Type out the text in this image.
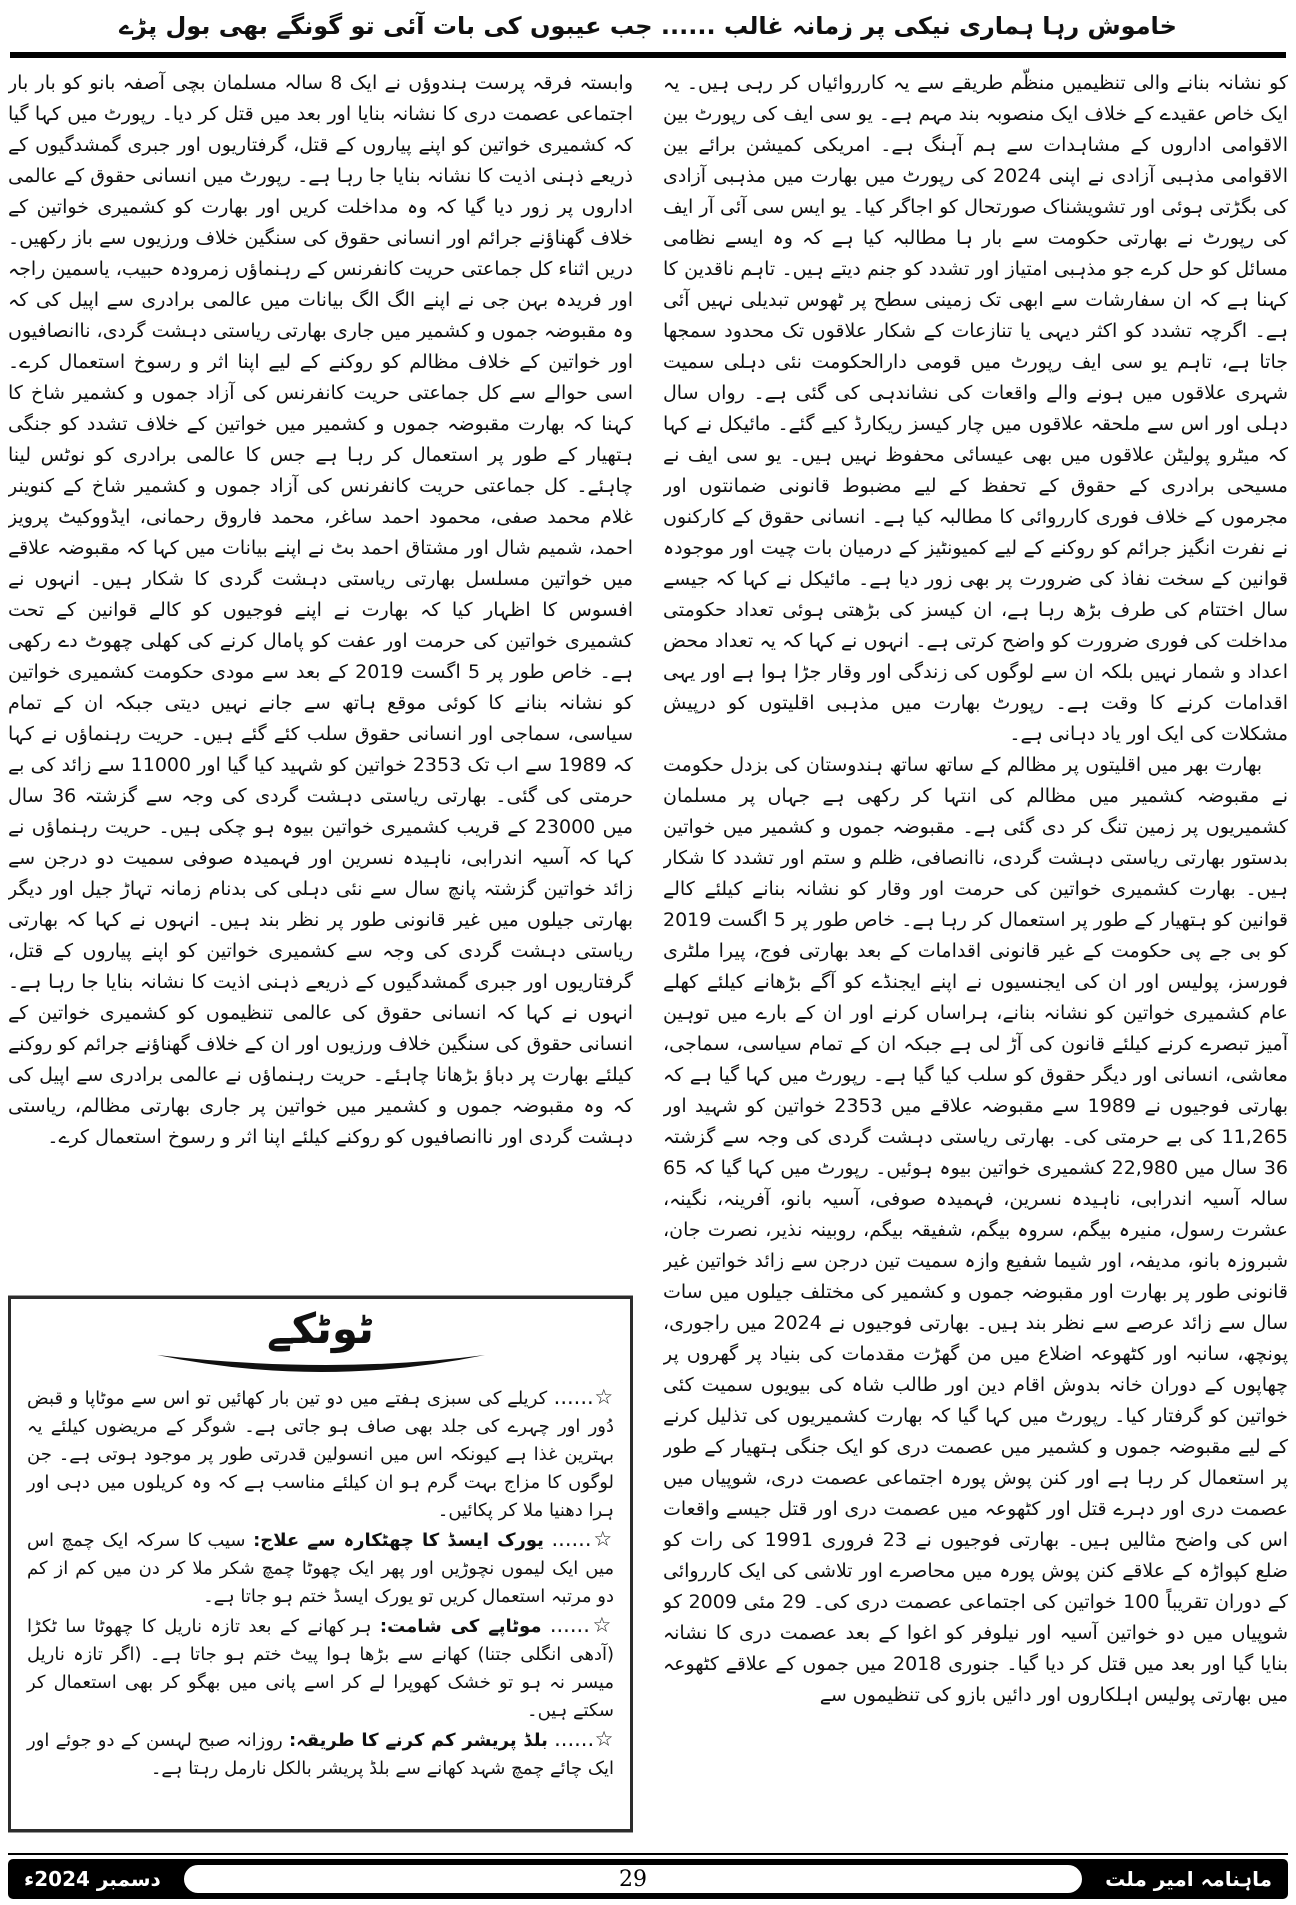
خاموش رہا ہماری نیکی پر زمانہ غالب ...... جب عیبوں کی بات آئی تو گونگے بھی بول پڑے

کو نشانہ بنانے والی تنظیمیں منظّم طریقے سے یہ کارروائیاں کر رہی ہیں۔ یہ ایک خاص عقیدے کے خلاف ایک منصوبہ بند مہم ہے۔ یو سی ایف کی رپورٹ بین الاقوامی اداروں کے مشاہدات سے ہم آہنگ ہے۔ امریکی کمیشن برائے بین الاقوامی مذہبی آزادی نے اپنی 2024 کی رپورٹ میں بھارت میں مذہبی آزادی کی بگڑتی ہوئی اور تشویشناک صورتحال کو اجاگر کیا۔ یو ایس سی آئی آر ایف کی رپورٹ نے بھارتی حکومت سے بار ہا مطالبہ کیا ہے کہ وہ ایسے نظامی مسائل کو حل کرے جو مذہبی امتیاز اور تشدد کو جنم دیتے ہیں۔ تاہم ناقدین کا کہنا ہے کہ ان سفارشات سے ابھی تک زمینی سطح پر ٹھوس تبدیلی نہیں آئی ہے۔ اگرچہ تشدد کو اکثر دیہی یا تنازعات کے شکار علاقوں تک محدود سمجھا جاتا ہے، تاہم یو سی ایف رپورٹ میں قومی دارالحکومت نئی دہلی سمیت شہری علاقوں میں ہونے والے واقعات کی نشاندہی کی گئی ہے۔ رواں سال دہلی اور اس سے ملحقہ علاقوں میں چار کیسز ریکارڈ کیے گئے۔ مائیکل نے کہا کہ میٹرو پولیٹن علاقوں میں بھی عیسائی محفوظ نہیں ہیں۔ یو سی ایف نے مسیحی برادری کے حقوق کے تحفظ کے لیے مضبوط قانونی ضمانتوں اور مجرموں کے خلاف فوری کارروائی کا مطالبہ کیا ہے۔ انسانی حقوق کے کارکنوں نے نفرت انگیز جرائم کو روکنے کے لیے کمیونٹیز کے درمیان بات چیت اور موجودہ قوانین کے سخت نفاذ کی ضرورت پر بھی زور دیا ہے۔ مائیکل نے کہا کہ جیسے سال اختتام کی طرف بڑھ رہا ہے، ان کیسز کی بڑھتی ہوئی تعداد حکومتی مداخلت کی فوری ضرورت کو واضح کرتی ہے۔ انہوں نے کہا کہ یہ تعداد محض اعداد و شمار نہیں بلکہ ان سے لوگوں کی زندگی اور وقار جڑا ہوا ہے اور یہی اقدامات کرنے کا وقت ہے۔ رپورٹ بھارت میں مذہبی اقلیتوں کو درپیش مشکلات کی ایک اور یاد دہانی ہے۔

بھارت بھر میں اقلیتوں پر مظالم کے ساتھ ساتھ ہندوستان کی بزدل حکومت نے مقبوضہ کشمیر میں مظالم کی انتہا کر رکھی ہے جہاں پر مسلمان کشمیریوں پر زمین تنگ کر دی گئی ہے۔ مقبوضہ جموں و کشمیر میں خواتین بدستور بھارتی ریاستی دہشت گردی، ناانصافی، ظلم و ستم اور تشدد کا شکار ہیں۔ بھارت کشمیری خواتین کی حرمت اور وقار کو نشانہ بنانے کیلئے کالے قوانین کو ہتھیار کے طور پر استعمال کر رہا ہے۔ خاص طور پر 5 اگست 2019 کو بی جے پی حکومت کے غیر قانونی اقدامات کے بعد بھارتی فوج، پیرا ملٹری فورسز، پولیس اور ان کی ایجنسیوں نے اپنے ایجنڈے کو آگے بڑھانے کیلئے کھلے عام کشمیری خواتین کو نشانہ بنانے، ہراساں کرنے اور ان کے بارے میں توہین آمیز تبصرے کرنے کیلئے قانون کی آڑ لی ہے جبکہ ان کے تمام سیاسی، سماجی، معاشی، انسانی اور دیگر حقوق کو سلب کیا گیا ہے۔ رپورٹ میں کہا گیا ہے کہ بھارتی فوجیوں نے 1989 سے مقبوضہ علاقے میں 2353 خواتین کو شہید اور 11,265 کی بے حرمتی کی۔ بھارتی ریاستی دہشت گردی کی وجہ سے گزشتہ 36 سال میں 22,980 کشمیری خواتین بیوہ ہوئیں۔ رپورٹ میں کہا گیا کہ 65 سالہ آسیہ اندرابی، ناہیدہ نسرین، فہمیدہ صوفی، آسیہ بانو، آفرینہ، نگینہ، عشرت رسول، منیرہ بیگم، سروہ بیگم، شفیقہ بیگم، روبینہ نذیر، نصرت جان، شبروزہ بانو، مدیفہ، اور شیما شفیع وازہ سمیت تین درجن سے زائد خواتین غیر قانونی طور پر بھارت اور مقبوضہ جموں و کشمیر کی مختلف جیلوں میں سات سال سے زائد عرصے سے نظر بند ہیں۔ بھارتی فوجیوں نے 2024 میں راجوری، پونچھ، سانبہ اور کٹھوعہ اضلاع میں من گھڑت مقدمات کی بنیاد پر گھروں پر چھاپوں کے دوران خانہ بدوش اقام دین اور طالب شاہ کی بیویوں سمیت کئی خواتین کو گرفتار کیا۔ رپورٹ میں کہا گیا کہ بھارت کشمیریوں کی تذلیل کرنے کے لیے مقبوضہ جموں و کشمیر میں عصمت دری کو ایک جنگی ہتھیار کے طور پر استعمال کر رہا ہے اور کنن پوش پورہ اجتماعی عصمت دری، شوپیاں میں عصمت دری اور دہرے قتل اور کٹھوعہ میں عصمت دری اور قتل جیسے واقعات اس کی واضح مثالیں ہیں۔ بھارتی فوجیوں نے 23 فروری 1991 کی رات کو ضلع کپواڑہ کے علاقے کنن پوش پورہ میں محاصرے اور تلاشی کی ایک کارروائی کے دوران تقریباً 100 خواتین کی اجتماعی عصمت دری کی۔ 29 مئی 2009 کو شوپیاں میں دو خواتین آسیہ اور نیلوفر کو اغوا کے بعد عصمت دری کا نشانہ بنایا گیا اور بعد میں قتل کر دیا گیا۔ جنوری 2018 میں جموں کے علاقے کٹھوعہ میں بھارتی پولیس اہلکاروں اور دائیں بازو کی تنظیموں سے

وابستہ فرقہ پرست ہندوؤں نے ایک 8 سالہ مسلمان بچی آصفہ بانو کو بار بار اجتماعی عصمت دری کا نشانہ بنایا اور بعد میں قتل کر دیا۔ رپورٹ میں کہا گیا کہ کشمیری خواتین کو اپنے پیاروں کے قتل، گرفتاریوں اور جبری گمشدگیوں کے ذریعے ذہنی اذیت کا نشانہ بنایا جا رہا ہے۔ رپورٹ میں انسانی حقوق کے عالمی اداروں پر زور دیا گیا کہ وہ مداخلت کریں اور بھارت کو کشمیری خواتین کے خلاف گھناؤنے جرائم اور انسانی حقوق کی سنگین خلاف ورزیوں سے باز رکھیں۔ دریں اثناء کل جماعتی حریت کانفرنس کے رہنماؤں زمرودہ حبیب، یاسمین راجہ اور فریدہ بہن جی نے اپنے الگ الگ بیانات میں عالمی برادری سے اپیل کی کہ وہ مقبوضہ جموں و کشمیر میں جاری بھارتی ریاستی دہشت گردی، ناانصافیوں اور خواتین کے خلاف مظالم کو روکنے کے لیے اپنا اثر و رسوخ استعمال کرے۔ اسی حوالے سے کل جماعتی حریت کانفرنس کی آزاد جموں و کشمیر شاخ کا کہنا کہ بھارت مقبوضہ جموں و کشمیر میں خواتین کے خلاف تشدد کو جنگی ہتھیار کے طور پر استعمال کر رہا ہے جس کا عالمی برادری کو نوٹس لینا چاہئے۔ کل جماعتی حریت کانفرنس کی آزاد جموں و کشمیر شاخ کے کنوینر غلام محمد صفی، محمود احمد ساغر، محمد فاروق رحمانی، ایڈووکیٹ پرویز احمد، شمیم شال اور مشتاق احمد بٹ نے اپنے بیانات میں کہا کہ مقبوضہ علاقے میں خواتین مسلسل بھارتی ریاستی دہشت گردی کا شکار ہیں۔ انہوں نے افسوس کا اظہار کیا کہ بھارت نے اپنے فوجیوں کو کالے قوانین کے تحت کشمیری خواتین کی حرمت اور عفت کو پامال کرنے کی کھلی چھوٹ دے رکھی ہے۔ خاص طور پر 5 اگست 2019 کے بعد سے مودی حکومت کشمیری خواتین کو نشانہ بنانے کا کوئی موقع ہاتھ سے جانے نہیں دیتی جبکہ ان کے تمام سیاسی، سماجی اور انسانی حقوق سلب کئے گئے ہیں۔ حریت رہنماؤں نے کہا کہ 1989 سے اب تک 2353 خواتین کو شہید کیا گیا اور 11000 سے زائد کی بے حرمتی کی گئی۔ بھارتی ریاستی دہشت گردی کی وجہ سے گزشتہ 36 سال میں 23000 کے قریب کشمیری خواتین بیوہ ہو چکی ہیں۔ حریت رہنماؤں نے کہا کہ آسیہ اندرابی، ناہیدہ نسرین اور فہمیدہ صوفی سمیت دو درجن سے زائد خواتین گزشتہ پانچ سال سے نئی دہلی کی بدنام زمانہ تہاڑ جیل اور دیگر بھارتی جیلوں میں غیر قانونی طور پر نظر بند ہیں۔ انہوں نے کہا کہ بھارتی ریاستی دہشت گردی کی وجہ سے کشمیری خواتین کو اپنے پیاروں کے قتل، گرفتاریوں اور جبری گمشدگیوں کے ذریعے ذہنی اذیت کا نشانہ بنایا جا رہا ہے۔ انہوں نے کہا کہ انسانی حقوق کی عالمی تنظیموں کو کشمیری خواتین کے انسانی حقوق کی سنگین خلاف ورزیوں اور ان کے خلاف گھناؤنے جرائم کو روکنے کیلئے بھارت پر دباؤ بڑھانا چاہئے۔ حریت رہنماؤں نے عالمی برادری سے اپیل کی کہ وہ مقبوضہ جموں و کشمیر میں خواتین پر جاری بھارتی مظالم، ریاستی دہشت گردی اور ناانصافیوں کو روکنے کیلئے اپنا اثر و رسوخ استعمال کرے۔

ٹوٹکے

☆...... کریلے کی سبزی ہفتے میں دو تین بار کھائیں تو اس سے موٹاپا و قبض دُور اور چہرے کی جلد بھی صاف ہو جاتی ہے۔ شوگر کے مریضوں کیلئے یہ بہترین غذا ہے کیونکہ اس میں انسولین قدرتی طور پر موجود ہوتی ہے۔ جن لوگوں کا مزاج بہت گرم ہو ان کیلئے مناسب ہے کہ وہ کریلوں میں دہی اور ہرا دھنیا ملا کر پکائیں۔

☆...... یورک ایسڈ کا چھٹکارہ سے علاج: سیب کا سرکہ ایک چمچ اس میں ایک لیموں نچوڑیں اور پھر ایک چھوٹا چمچ شکر ملا کر دن میں کم از کم دو مرتبہ استعمال کریں تو یورک ایسڈ ختم ہو جاتا ہے۔

☆...... موٹاپے کی شامت: ہر کھانے کے بعد تازہ ناریل کا چھوٹا سا ٹکڑا (آدھی انگلی جتنا) کھانے سے بڑھا ہوا پیٹ ختم ہو جاتا ہے۔ (اگر تازہ ناریل میسر نہ ہو تو خشک کھوپرا لے کر اسے پانی میں بھگو کر بھی استعمال کر سکتے ہیں۔

☆...... بلڈ پریشر کم کرنے کا طریقہ: روزانہ صبح لہسن کے دو جوئے اور ایک چائے چمچ شہد کھانے سے بلڈ پریشر بالکل نارمل رہتا ہے۔

ماہنامہ امیر ملت
29
دسمبر 2024ء
